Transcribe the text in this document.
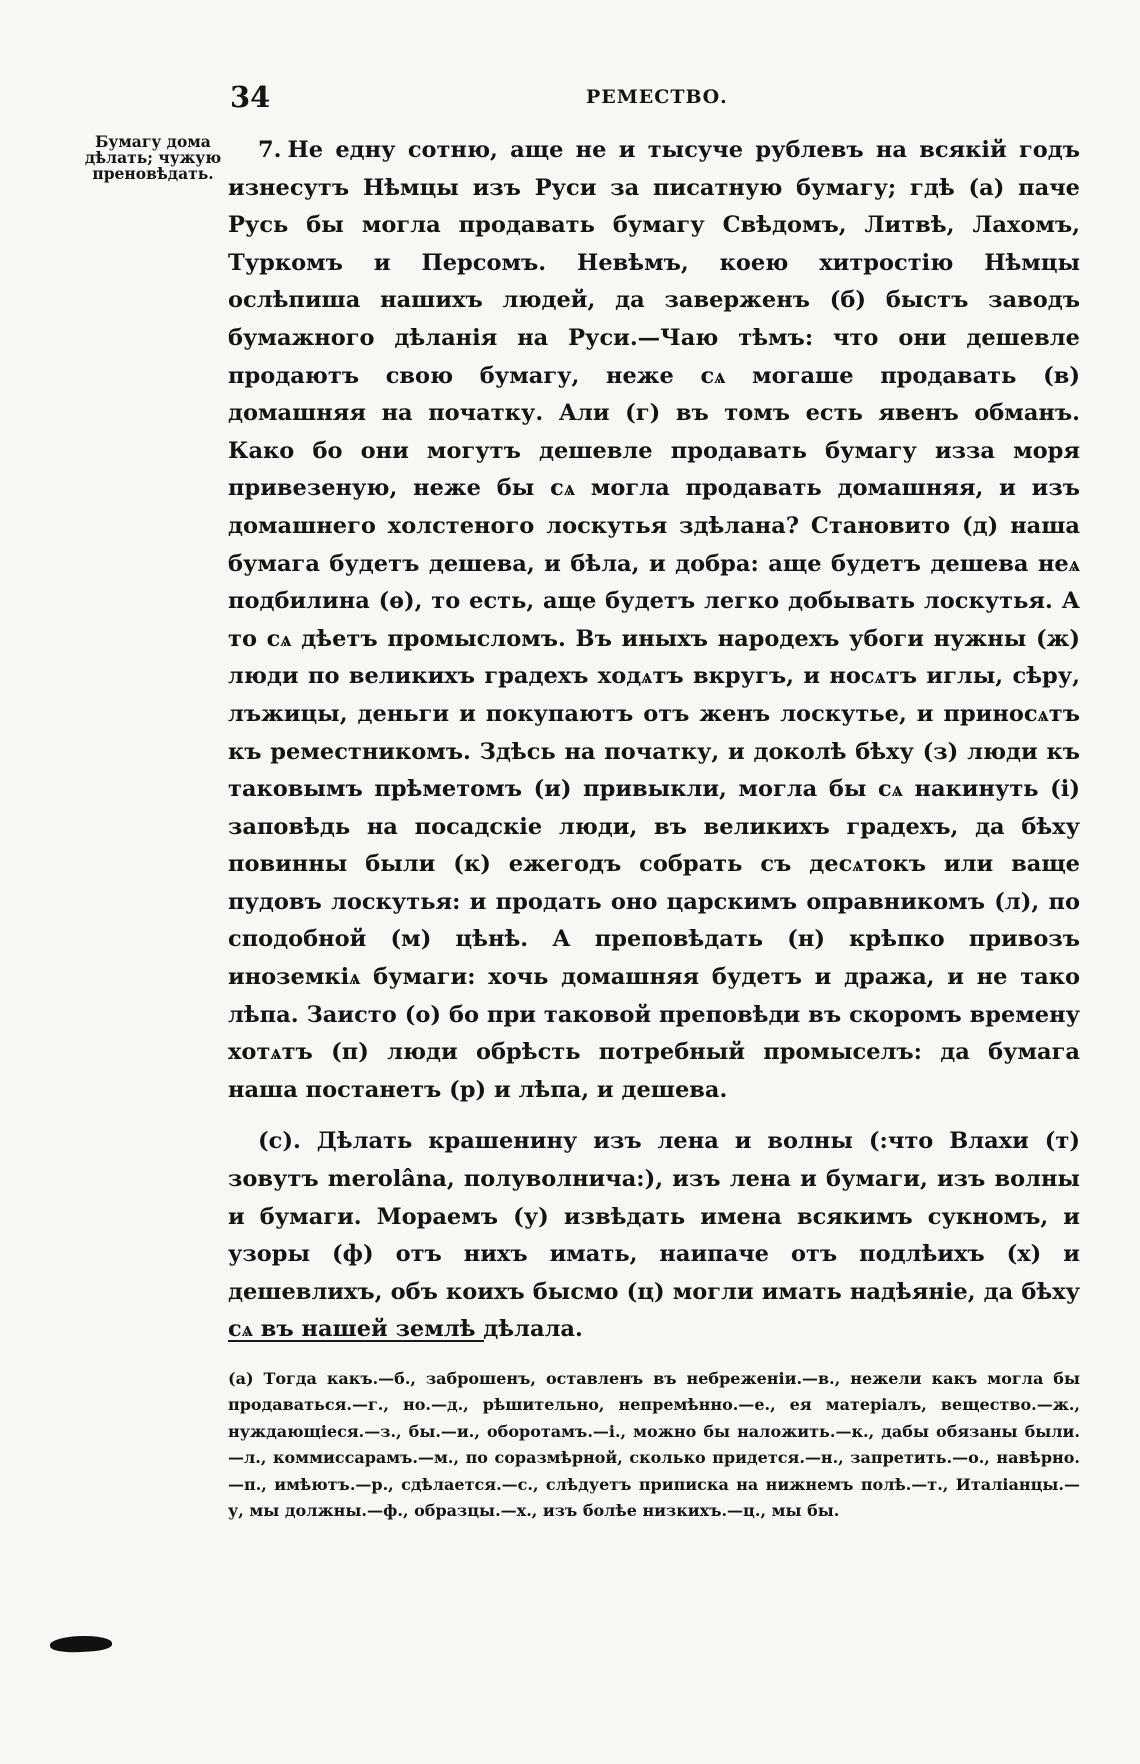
34	РЕМЕСТВО.
Бумагу дома дѣлать; чужую преновѣдать.

7. Не едну сотню, аще не и тысуче рублевъ на всякій годъ изнесутъ Нѣмцы изъ Руси за писатную бумагу; гдѣ (а) паче Русь бы могла продавать бумагу Свѣдомъ, Литвѣ, Лахомъ, Туркомъ и Персомъ. Невѣмъ, коею хитростію Нѣмцы ослѣпиша нашихъ людей, да заверженъ (б) быстъ заводъ бумажного дѣланія на Руси.—Чаю тѣмъ: что они дешевле продаютъ свою бумагу, неже сѧ могаше продавать (в) домашняя на початку. Али (г) въ томъ есть явенъ обманъ. Како бо они могутъ дешевле продавать бумагу изза моря привезеную, неже бы сѧ могла продавать домашняя, и изъ домашнего холстеного лоскутья здѣлана? Становито (д) наша бумага будетъ дешева, и бѣла, и добра: аще будетъ дешева неѧ подбилина (ѳ), то есть, аще будетъ легко добывать лоскутья. А то сѧ дѣетъ промысломъ. Въ иныхъ народехъ убоги нужны (ж) люди по великихъ градехъ ходѧтъ вкругъ, и носѧтъ иглы, сѣру, лъжицы, деньги и покупаютъ отъ женъ лоскутье, и приносѧтъ къ реместникомъ. Здѣсь на початку, и доколѣ бѣху (з) люди къ таковымъ прѣметомъ (и) привыкли, могла бы сѧ накинуть (і) заповѣдь на посадскіе люди, въ великихъ градехъ, да бѣху повинны были (к) ежегодъ собрать съ десѧтокъ или ваще пудовъ лоскутья: и продать оно царскимъ оправникомъ (л), по сподобной (м) цѣнѣ. А преповѣдать (н) крѣпко привозъ иноземкіѧ бумаги: хочь домашняя будетъ и дража, и не тако лѣпа. Заисто (о) бо при таковой преповѣди въ скоромъ времену хотѧтъ (п) люди обрѣсть потребный промыселъ: да бумага наша постанетъ (р) и лѣпа, и дешева.

(с). Дѣлать крашенину изъ лена и волны (:что Влахи (т) зовутъ merolâna, полуволнича:), изъ лена и бумаги, изъ волны и бумаги. Мораемъ (у) извѣдать имена всякимъ сукномъ, и узоры (ф) отъ нихъ имать, наипаче отъ подлѣихъ (х) и дешевлихъ, объ коихъ бысмо (ц) могли имать надѣяніе, да бѣху сѧ въ нашей землѣ дѣлала.

(а) Тогда какъ.—б., заброшенъ, оставленъ въ небреженіи.—в., нежели какъ могла бы продаваться.—г., но.—д., рѣшительно, непремѣнно.—е., ея матеріалъ, вещество.—ж., нуждающіеся.—з., бы.—и., оборотамъ.—і., можно бы наложить.—к., дабы обязаны были.—л., коммиссарамъ.—м., по соразмѣрной, сколько придется.—н., запретить.—о., навѣрно.—п., имѣютъ.—р., сдѣлается.—с., слѣдуетъ приписка на нижнемъ полѣ.—т., Италіанцы.—у, мы должны.—ф., образцы.—х., изъ болѣе низкихъ.—ц., мы бы.
